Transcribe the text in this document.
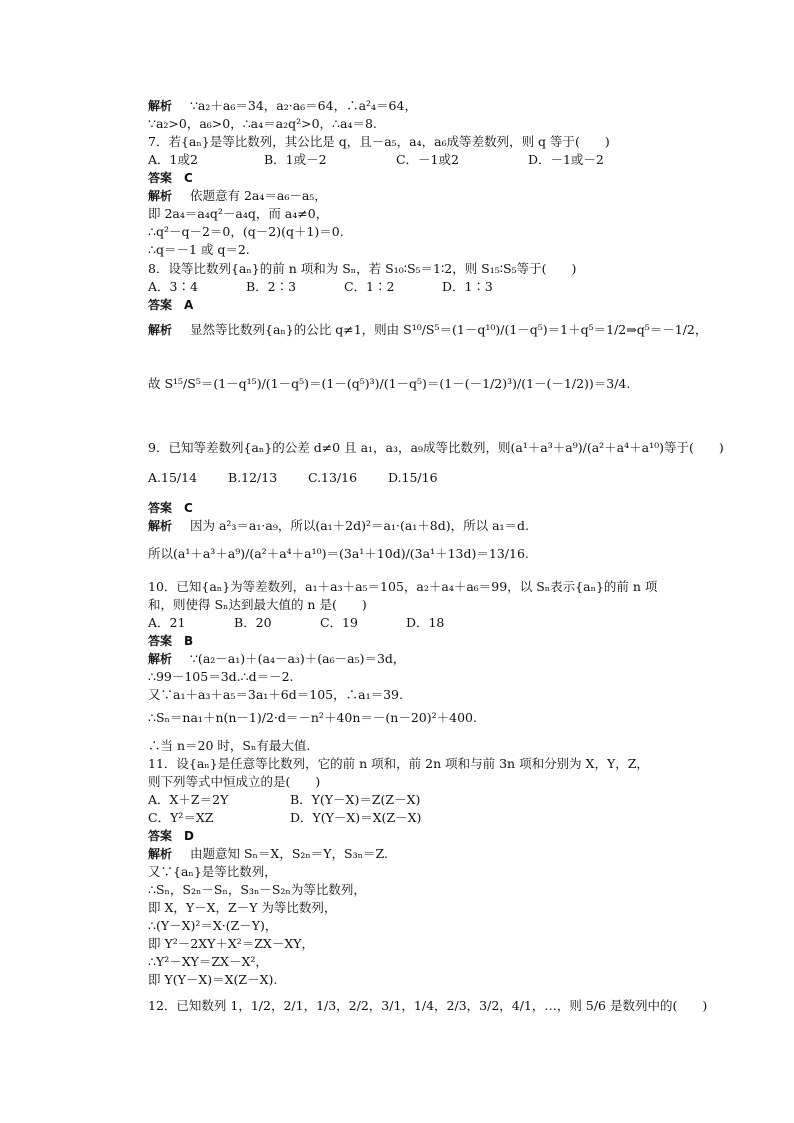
解析 ∵a₂＋a₆＝34，a₂·a₆＝64，∴a²₄＝64，
∵a₂>0，a₆>0，∴a₄＝a₂q²>0，∴a₄＝8.
7．若{aₙ}是等比数列，其公比是 q，且－a₅，a₄，a₆成等差数列，则 q 等于(　　)
A．1或2	B．1或－2	C．－1或2	D．－1或－2
答案　C
解析 依题意有 2a₄＝a₆－a₅，
即 2a₄＝a₄q²－a₄q，而 a₄≠0，
∴q²－q－2＝0，(q－2)(q＋1)＝0.
∴q＝－1 或 q＝2.
8．设等比数列{aₙ}的前 n 项和为 Sₙ，若 S₁₀∶S₅＝1∶2，则 S₁₅∶S₅等于(　　)
A．3∶4	B．2∶3	C．1∶2	D．1∶3
答案　A
解析 显然等比数列{aₙ}的公比 q≠1，则由 S¹⁰/S⁵＝(1－q¹⁰)/(1－q⁵)＝1＋q⁵＝1/2⇒q⁵＝－1/2，
故 S¹⁵/S⁵＝(1－q¹⁵)/(1－q⁵)＝(1－(q⁵)³)/(1－q⁵)＝(1－(－1/2)³)/(1－(－1/2))＝3/4.
9．已知等差数列{aₙ}的公差 d≠0 且 a₁，a₃，a₉成等比数列，则(a¹＋a³＋a⁹)/(a²＋a⁴＋a¹⁰)等于(　　)
A.15/14 B.12/13 C.13/16 D.15/16
答案　C
解析 因为 a²₃＝a₁·a₉，所以(a₁＋2d)²＝a₁·(a₁＋8d)，所以 a₁＝d.
所以(a¹＋a³＋a⁹)/(a²＋a⁴＋a¹⁰)＝(3a¹＋10d)/(3a¹＋13d)＝13/16.
10．已知{aₙ}为等差数列，a₁＋a₃＋a₅＝105，a₂＋a₄＋a₆＝99，以 Sₙ表示{aₙ}的前 n 项
和，则使得 Sₙ达到最大值的 n 是(　　)
A．21	B．20	C．19	D．18
答案　B
解析 ∵(a₂－a₁)＋(a₄－a₃)＋(a₆－a₅)＝3d，
∴99－105＝3d.∴d＝－2.
又∵a₁＋a₃＋a₅＝3a₁＋6d＝105，∴a₁＝39.
∴Sₙ＝na₁＋n(n－1)/2·d＝－n²＋40n＝－(n－20)²＋400.
∴当 n＝20 时，Sₙ有最大值.
11．设{aₙ}是任意等比数列，它的前 n 项和，前 2n 项和与前 3n 项和分别为 X，Y，Z，
则下列等式中恒成立的是(　　)
A．X＋Z＝2Y	B．Y(Y－X)＝Z(Z－X)
C．Y²＝XZ	D．Y(Y－X)＝X(Z－X)
答案　D
解析 由题意知 Sₙ＝X，S₂ₙ＝Y，S₃ₙ＝Z.
又∵{aₙ}是等比数列，
∴Sₙ，S₂ₙ－Sₙ，S₃ₙ－S₂ₙ为等比数列，
即 X，Y－X，Z－Y 为等比数列，
∴(Y－X)²＝X·(Z－Y)，
即 Y²－2XY＋X²＝ZX－XY，
∴Y²－XY＝ZX－X²，
即 Y(Y－X)＝X(Z－X).
12．已知数列 1，1/2，2/1，1/3，2/2，3/1，1/4，2/3，3/2，4/1，…，则 5/6 是数列中的(　　)
